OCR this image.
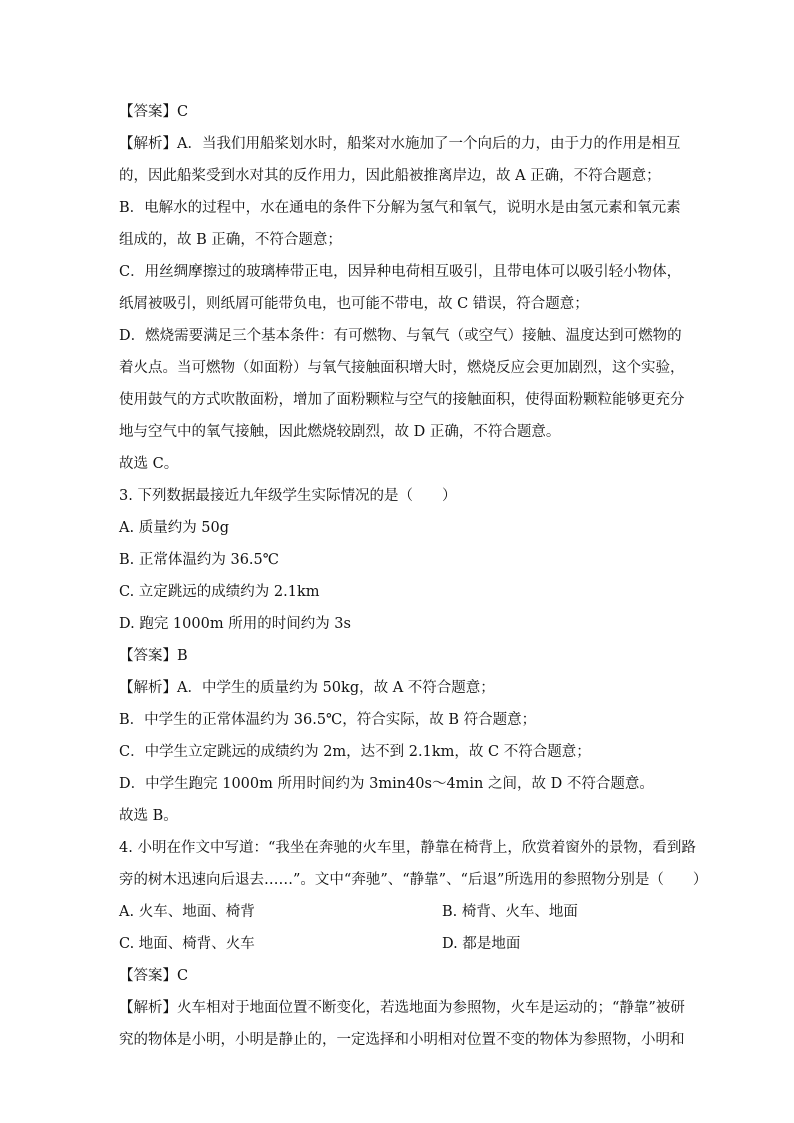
【答案】C
【解析】A．当我们用船桨划水时，船桨对水施加了一个向后的力，由于力的作用是相互
的，因此船桨受到水对其的反作用力，因此船被推离岸边，故 A 正确，不符合题意；
B．电解水的过程中，水在通电的条件下分解为氢气和氧气，说明水是由氢元素和氧元素
组成的，故 B 正确，不符合题意；
C．用丝绸摩擦过的玻璃棒带正电，因异种电荷相互吸引，且带电体可以吸引轻小物体，
纸屑被吸引，则纸屑可能带负电，也可能不带电，故 C 错误，符合题意；
D．燃烧需要满足三个基本条件：有可燃物、与氧气（或空气）接触、温度达到可燃物的
着火点。当可燃物（如面粉）与氧气接触面积增大时，燃烧反应会更加剧烈，这个实验，
使用鼓气的方式吹散面粉，增加了面粉颗粒与空气的接触面积，使得面粉颗粒能够更充分
地与空气中的氧气接触，因此燃烧较剧烈，故 D 正确，不符合题意。
故选 C。
3. 下列数据最接近九年级学生实际情况的是（　　）
A. 质量约为 50g
B. 正常体温约为 36.5℃
C. 立定跳远的成绩约为 2.1km
D. 跑完 1000m 所用的时间约为 3s
【答案】B
【解析】A．中学生的质量约为 50kg，故 A 不符合题意；
B．中学生的正常体温约为 36.5℃，符合实际，故 B 符合题意；
C．中学生立定跳远的成绩约为 2m，达不到 2.1km，故 C 不符合题意；
D．中学生跑完 1000m 所用时间约为 3min40s～4min 之间，故 D 不符合题意。
故选 B。
4. 小明在作文中写道：“我坐在奔驰的火车里，静靠在椅背上，欣赏着窗外的景物，看到路
旁的树木迅速向后退去……”。文中“奔驰”、“静靠”、“后退”所选用的参照物分别是（　　）
A. 火车、地面、椅背	B. 椅背、火车、地面
C. 地面、椅背、火车	D. 都是地面
【答案】C
【解析】火车相对于地面位置不断变化，若选地面为参照物，火车是运动的；“静靠”被研
究的物体是小明，小明是静止的，一定选择和小明相对位置不变的物体为参照物，小明和
